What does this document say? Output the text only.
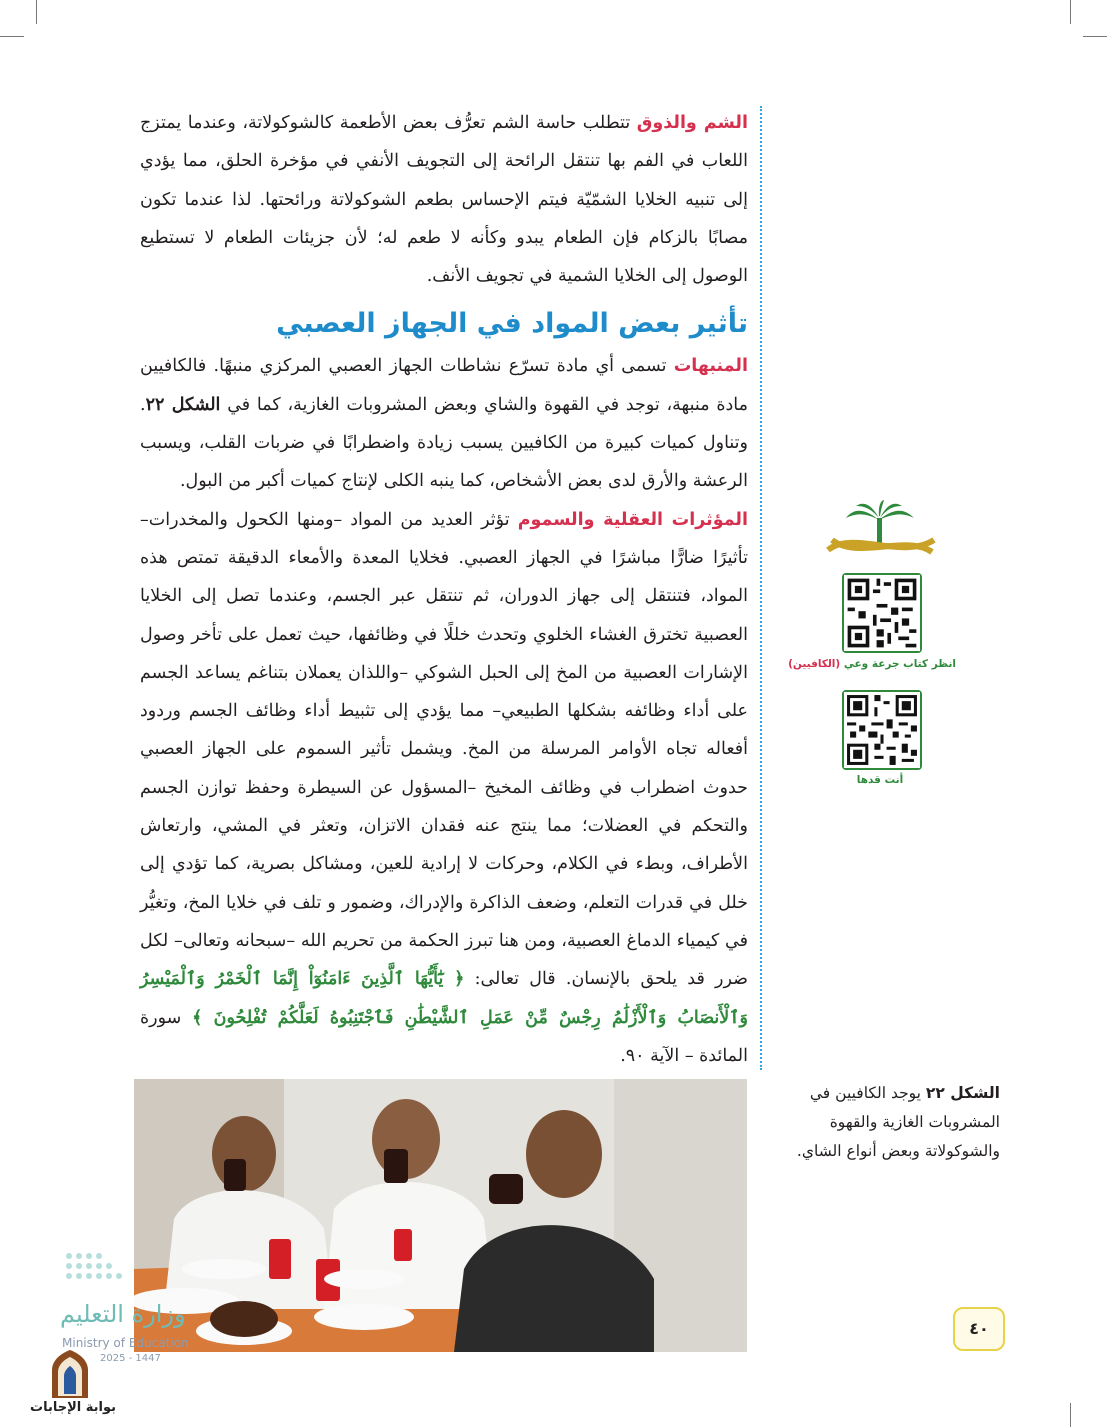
الشم والذوق تتطلب حاسة الشم تعرُّف بعض الأطعمة كالشوكولاتة، وعندما يمتزج اللعاب في الفم بها تنتقل الرائحة إلى التجويف الأنفي في مؤخرة الحلق، مما يؤدي إلى تنبيه الخلايا الشمّيّة فيتم الإحساس بطعم الشوكولاتة ورائحتها. لذا عندما تكون مصابًا بالزكام فإن الطعام يبدو وكأنه لا طعم له؛ لأن جزيئات الطعام لا تستطيع الوصول إلى الخلايا الشمية في تجويف الأنف.

تأثير بعض المواد في الجهاز العصبي

المنبهات تسمى أي مادة تسرّع نشاطات الجهاز العصبي المركزي منبهًا. فالكافيين مادة منبهة، توجد في القهوة والشاي وبعض المشروبات الغازية، كما في الشكل ٢٢. وتناول كميات كبيرة من الكافيين يسبب زيادة واضطرابًا في ضربات القلب، ويسبب الرعشة والأرق لدى بعض الأشخاص، كما ينبه الكلى لإنتاج كميات أكبر من البول.

المؤثرات العقلية والسموم تؤثر العديد من المواد –ومنها الكحول والمخدرات– تأثيرًا ضارًّا مباشرًا في الجهاز العصبي. فخلايا المعدة والأمعاء الدقيقة تمتص هذه المواد، فتنتقل إلى جهاز الدوران، ثم تنتقل عبر الجسم، وعندما تصل إلى الخلايا العصبية تخترق الغشاء الخلوي وتحدث خللًا في وظائفها، حيث تعمل على تأخر وصول الإشارات العصبية من المخ إلى الحبل الشوكي –واللذان يعملان بتناغم يساعد الجسم على أداء وظائفه بشكلها الطبيعي– مما يؤدي إلى تثبيط أداء وظائف الجسم وردود أفعاله تجاه الأوامر المرسلة من المخ. ويشمل تأثير السموم على الجهاز العصبي حدوث اضطراب في وظائف المخيخ –المسؤول عن السيطرة وحفظ توازن الجسم والتحكم في العضلات؛ مما ينتج عنه فقدان الاتزان، وتعثر في المشي، وارتعاش الأطراف، وبطء في الكلام، وحركات لا إرادية للعين، ومشاكل بصرية، كما تؤدي إلى خلل في قدرات التعلم، وضعف الذاكرة والإدراك، وضمور و تلف في خلايا المخ، وتغيُّر في كيمياء الدماغ العصبية، ومن هنا تبرز الحكمة من تحريم الله –سبحانه وتعالى– لكل ضرر قد يلحق بالإنسان. قال تعالى: ﴿ يَٰٓأَيُّهَا ٱلَّذِينَ ءَامَنُوٓاْ إِنَّمَا ٱلْخَمْرُ وَٱلْمَيْسِرُ وَٱلْأَنصَابُ وَٱلْأَزْلَٰمُ رِجْسٌ مِّنْ عَمَلِ ٱلشَّيْطَٰنِ فَٱجْتَنِبُوهُ لَعَلَّكُمْ تُفْلِحُونَ ﴾ سورة المائدة – الآية ٩٠.

انظر كتاب جرعة وعي (الكافيين)
أنت قدها
الشكل ٢٢ يوجد الكافيين في المشروبات الغازية والقهوة والشوكولاتة وبعض أنواع الشاي.
٤٠
وزارة التعليم
Ministry of Education
2025 - 1447
بوابة الإجابات
